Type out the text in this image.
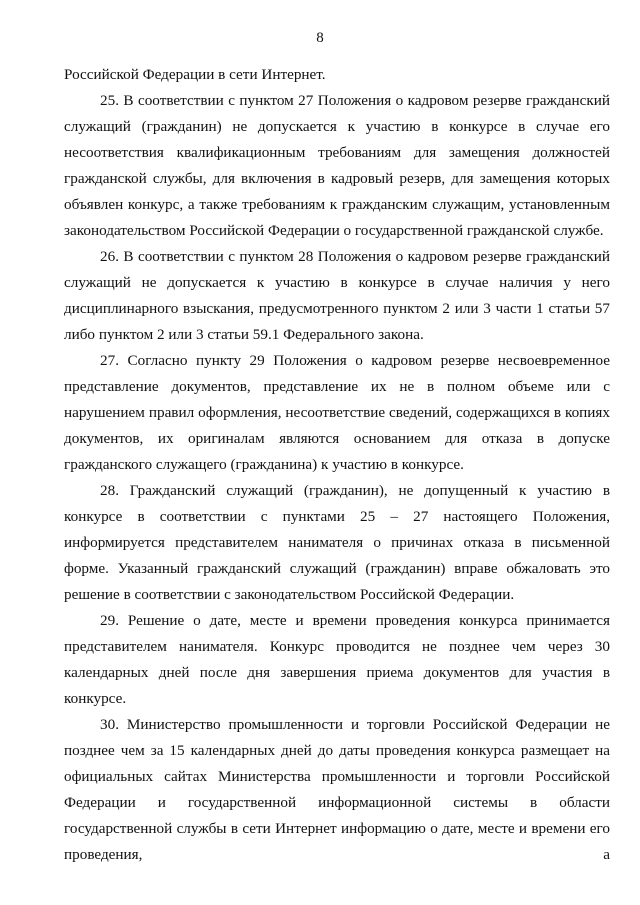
8

Российской Федерации в сети Интернет.

25. В соответствии с пунктом 27 Положения о кадровом резерве гражданский служащий (гражданин) не допускается к участию в конкурсе в случае его несоответствия квалификационным требованиям для замещения должностей гражданской службы, для включения в кадровый резерв, для замещения которых объявлен конкурс, а также требованиям к гражданским служащим, установленным законодательством Российской Федерации о государственной гражданской службе.

26. В соответствии с пунктом 28 Положения о кадровом резерве гражданский служащий не допускается к участию в конкурсе в случае наличия у него дисциплинарного взыскания, предусмотренного пунктом 2 или 3 части 1 статьи 57 либо пунктом 2 или 3 статьи 59.1 Федерального закона.

27. Согласно пункту 29 Положения о кадровом резерве несвоевременное представление документов, представление их не в полном объеме или с нарушением правил оформления, несоответствие сведений, содержащихся в копиях документов, их оригиналам являются основанием для отказа в допуске гражданского служащего (гражданина) к участию в конкурсе.

28. Гражданский служащий (гражданин), не допущенный к участию в конкурсе в соответствии с пунктами 25 – 27 настоящего Положения, информируется представителем нанимателя о причинах отказа в письменной форме. Указанный гражданский служащий (гражданин) вправе обжаловать это решение в соответствии с законодательством Российской Федерации.

29. Решение о дате, месте и времени проведения конкурса принимается представителем нанимателя. Конкурс проводится не позднее чем через 30 календарных дней после дня завершения приема документов для участия в конкурсе.

30. Министерство промышленности и торговли Российской Федерации не позднее чем за 15 календарных дней до даты проведения конкурса размещает на официальных сайтах Министерства промышленности и торговли Российской Федерации и государственной информационной системы в области государственной службы в сети Интернет информацию о дате, месте и времени его проведения, а
